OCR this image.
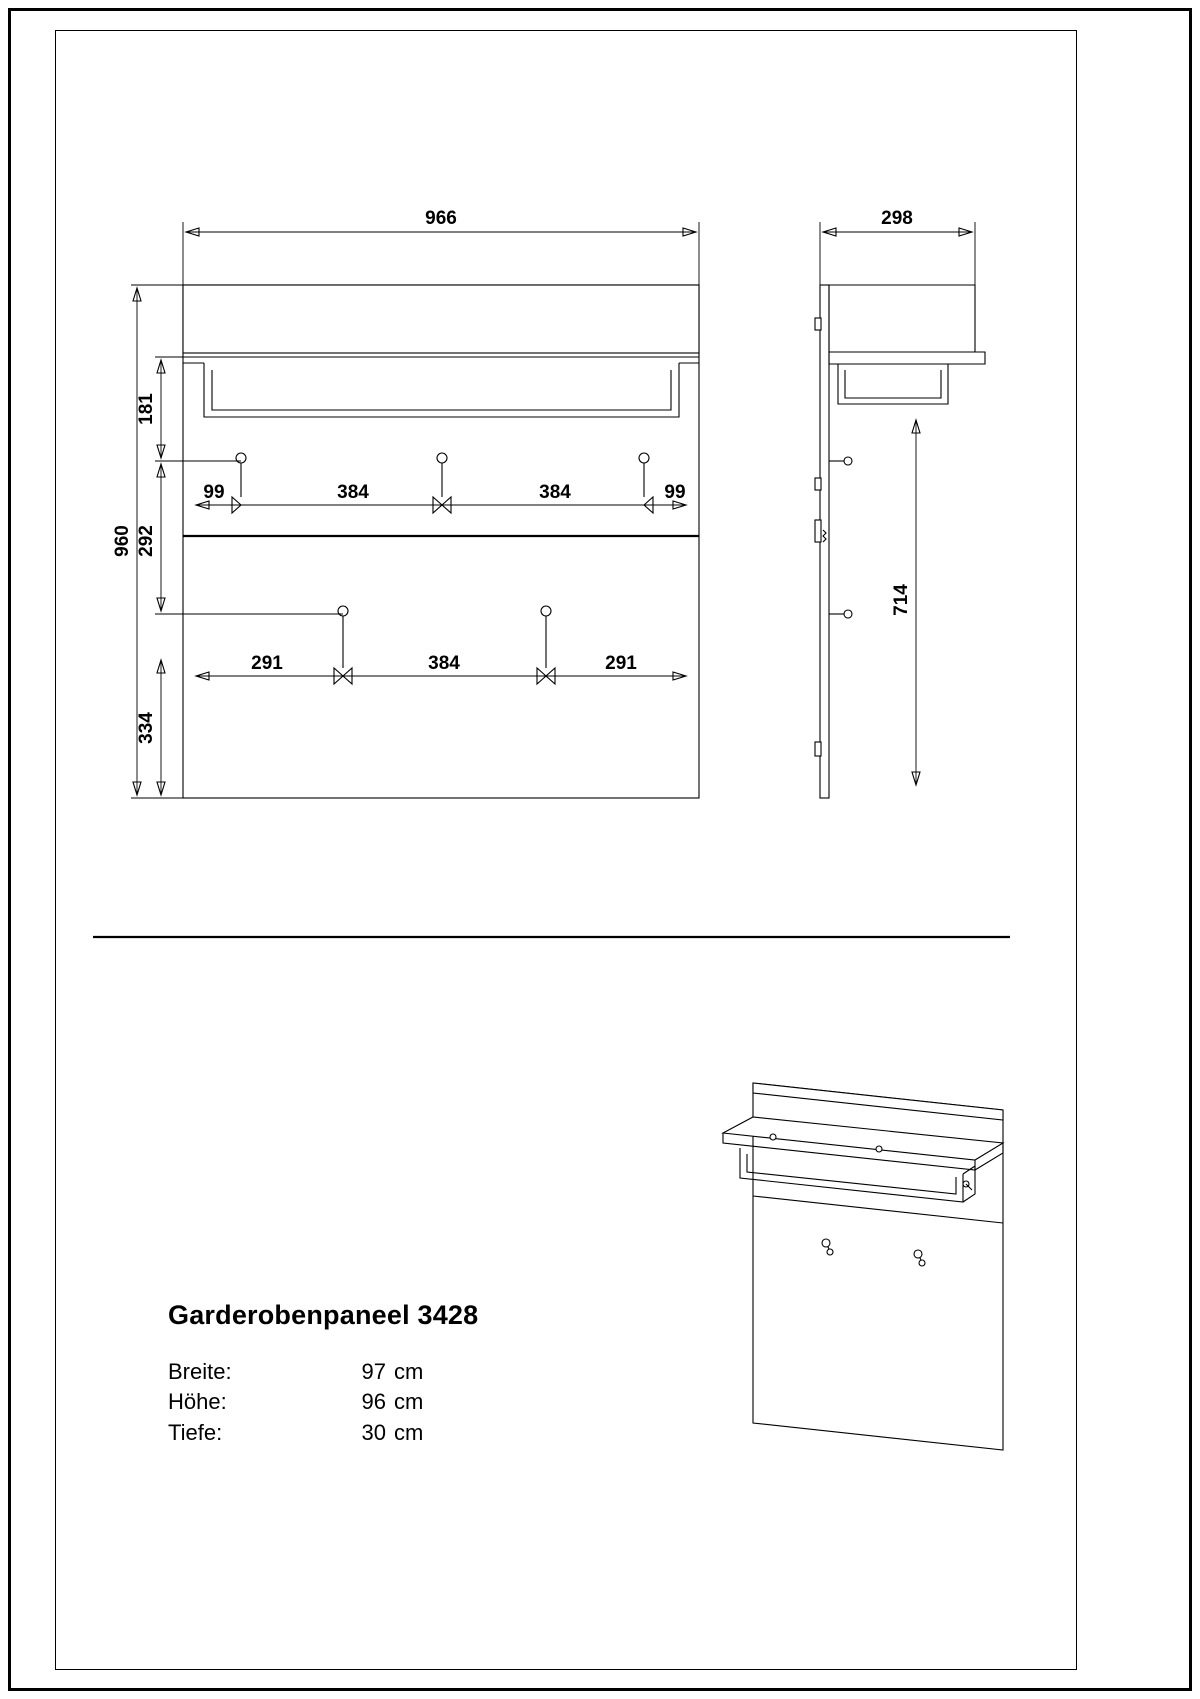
966
960
181
292
334
99	384	384	99
291	384	291
298
714
Garderobenpaneel 3428
Breite:	97 cm
Höhe:	96 cm
Tiefe:	30 cm
